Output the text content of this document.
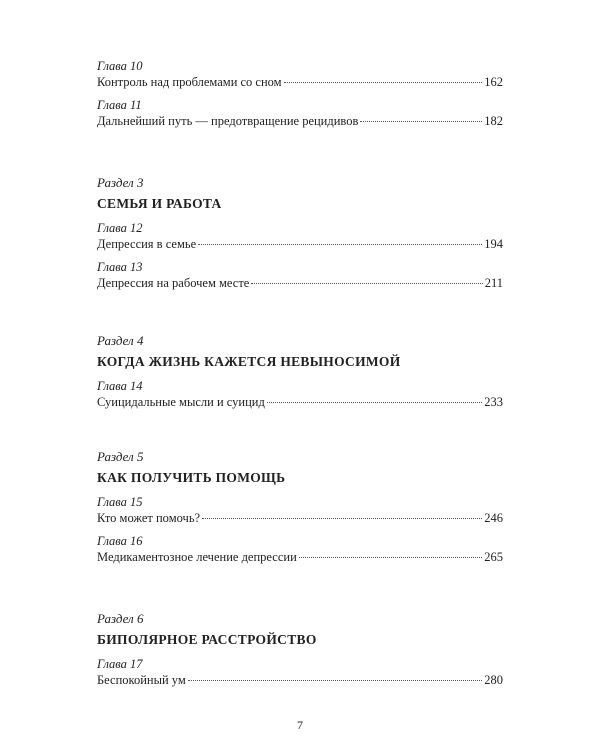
Глава 10
Контроль над проблемами со сном	162
Глава 11
Дальнейший путь — предотвращение рецидивов	182
Раздел 3
СЕМЬЯ И РАБОТА
Глава 12
Депрессия в семье	194
Глава 13
Депрессия на рабочем месте	211
Раздел 4
КОГДА ЖИЗНЬ КАЖЕТСЯ НЕВЫНОСИМОЙ
Глава 14
Суицидальные мысли и суицид	233
Раздел 5
КАК ПОЛУЧИТЬ ПОМОЩЬ
Глава 15
Кто может помочь?	246
Глава 16
Медикаментозное лечение депрессии	265
Раздел 6
БИПОЛЯРНОЕ РАССТРОЙСТВО
Глава 17
Беспокойный ум	280
7
